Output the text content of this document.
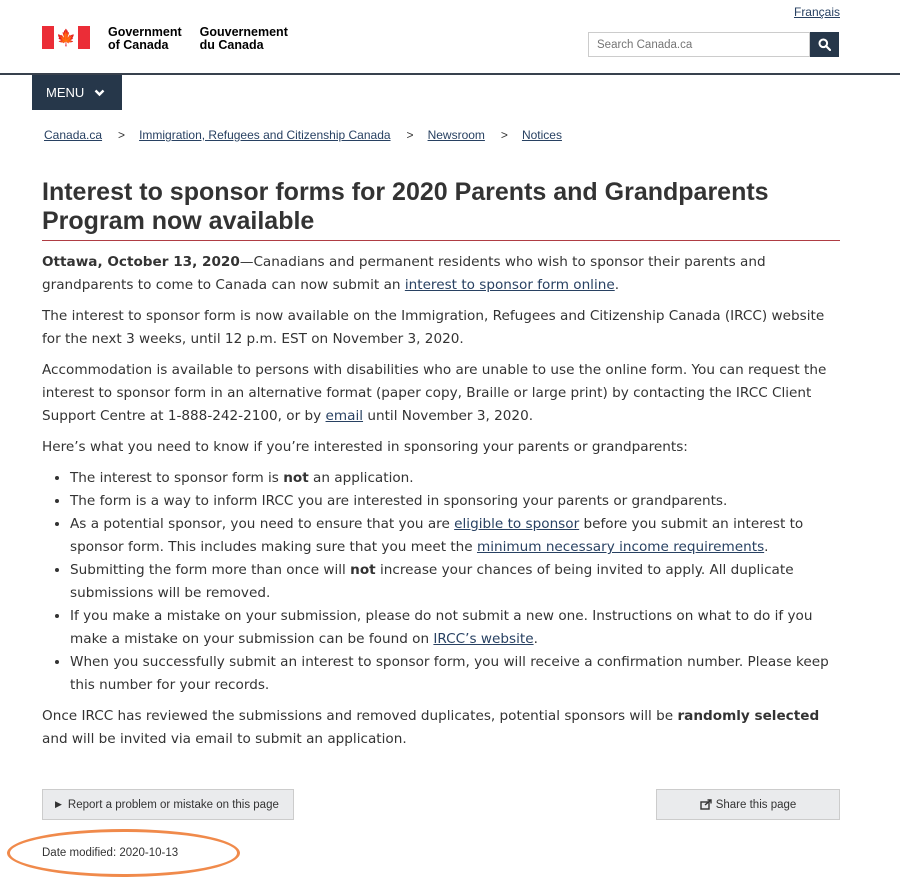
Français
🍁	Government
of Canada
Gouvernement
du Canada
Search Canada.ca
MENU
Canada.ca > Immigration, Refugees and Citizenship Canada > Newsroom > Notices
Interest to sponsor forms for 2020 Parents and Grandparents Program now available

Ottawa, October 13, 2020—Canadians and permanent residents who wish to sponsor their parents and grandparents to come to Canada can now submit an interest to sponsor form online.

The interest to sponsor form is now available on the Immigration, Refugees and Citizenship Canada (IRCC) website for the next 3 weeks, until 12 p.m. EST on November 3, 2020.

Accommodation is available to persons with disabilities who are unable to use the online form. You can request the interest to sponsor form in an alternative format (paper copy, Braille or large print) by contacting the IRCC Client Support Centre at 1-888-242-2100, or by email until November 3, 2020.

Here’s what you need to know if you’re interested in sponsoring your parents or grandparents:

• The interest to sponsor form is not an application.
• The form is a way to inform IRCC you are interested in sponsoring your parents or grandparents.
• As a potential sponsor, you need to ensure that you are eligible to sponsor before you submit an interest to sponsor form. This includes making sure that you meet the minimum necessary income requirements.
• Submitting the form more than once will not increase your chances of being invited to apply. All duplicate submissions will be removed.
• If you make a mistake on your submission, please do not submit a new one. Instructions on what to do if you make a mistake on your submission can be found on IRCC’s website.
• When you successfully submit an interest to sponsor form, you will receive a confirmation number. Please keep this number for your records.

Once IRCC has reviewed the submissions and removed duplicates, potential sponsors will be randomly selected and will be invited via email to submit an application.

▶ Report a problem or mistake on this page	Share this page
Date modified: 2020-10-13
